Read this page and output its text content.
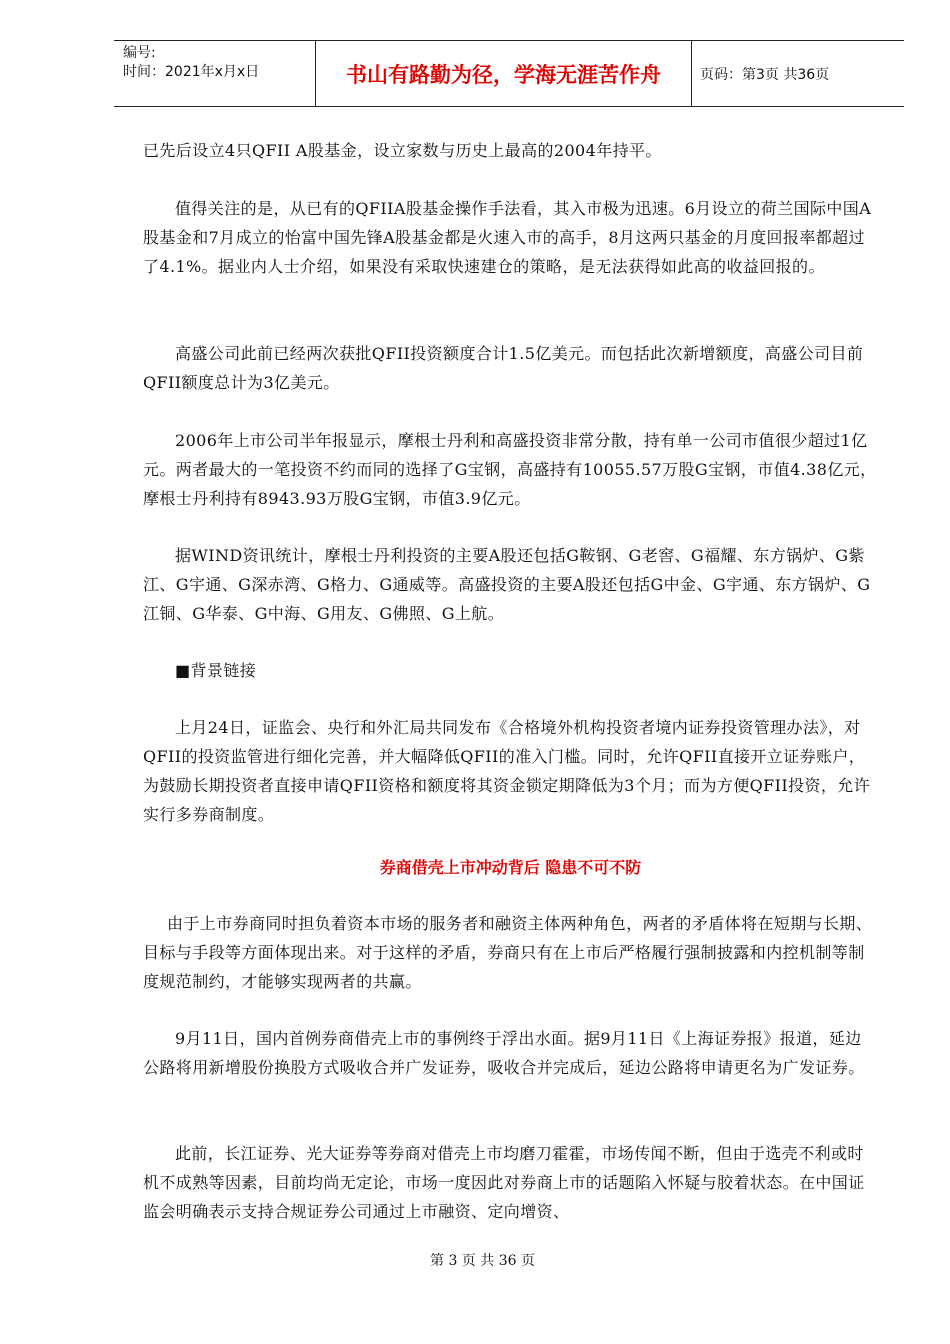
编号:
时间：2021年x月x日	书山有路勤为径，学海无涯苦作舟	页码：第3页 共36页

已先后设立4只QFII A股基金，设立家数与历史上最高的2004年持平。

值得关注的是，从已有的QFIIA股基金操作手法看，其入市极为迅速。6月设立的荷兰国际中国A股基金和7月成立的怡富中国先锋A股基金都是火速入市的高手，8月这两只基金的月度回报率都超过了4.1%。据业内人士介绍，如果没有采取快速建仓的策略，是无法获得如此高的收益回报的。

高盛公司此前已经两次获批QFII投资额度合计1.5亿美元。而包括此次新增额度，高盛公司目前QFII额度总计为3亿美元。

2006年上市公司半年报显示，摩根士丹利和高盛投资非常分散，持有单一公司市值很少超过1亿元。两者最大的一笔投资不约而同的选择了G宝钢，高盛持有10055.57万股G宝钢，市值4.38亿元，摩根士丹利持有8943.93万股G宝钢，市值3.9亿元。

据WIND资讯统计，摩根士丹利投资的主要A股还包括G鞍钢、G老窖、G福耀、东方锅炉、G紫江、G宇通、G深赤湾、G格力、G通威等。高盛投资的主要A股还包括G中金、G宇通、东方锅炉、G江铜、G华泰、G中海、G用友、G佛照、G上航。

■背景链接

上月24日，证监会、央行和外汇局共同发布《合格境外机构投资者境内证券投资管理办法》，对QFII的投资监管进行细化完善，并大幅降低QFII的准入门槛。同时，允许QFII直接开立证券账户，为鼓励长期投资者直接申请QFII资格和额度将其资金锁定期降低为3个月；而为方便QFII投资，允许实行多券商制度。

券商借壳上市冲动背后 隐患不可不防

由于上市券商同时担负着资本市场的服务者和融资主体两种角色，两者的矛盾体将在短期与长期、目标与手段等方面体现出来。对于这样的矛盾，券商只有在上市后严格履行强制披露和内控机制等制度规范制约，才能够实现两者的共赢。

9月11日，国内首例券商借壳上市的事例终于浮出水面。据9月11日《上海证券报》报道，延边公路将用新增股份换股方式吸收合并广发证券，吸收合并完成后，延边公路将申请更名为广发证券。

此前，长江证券、光大证券等券商对借壳上市均磨刀霍霍，市场传闻不断，但由于选壳不利或时机不成熟等因素，目前均尚无定论，市场一度因此对券商上市的话题陷入怀疑与胶着状态。在中国证监会明确表示支持合规证券公司通过上市融资、定向增资、

第 3 页 共 36 页
